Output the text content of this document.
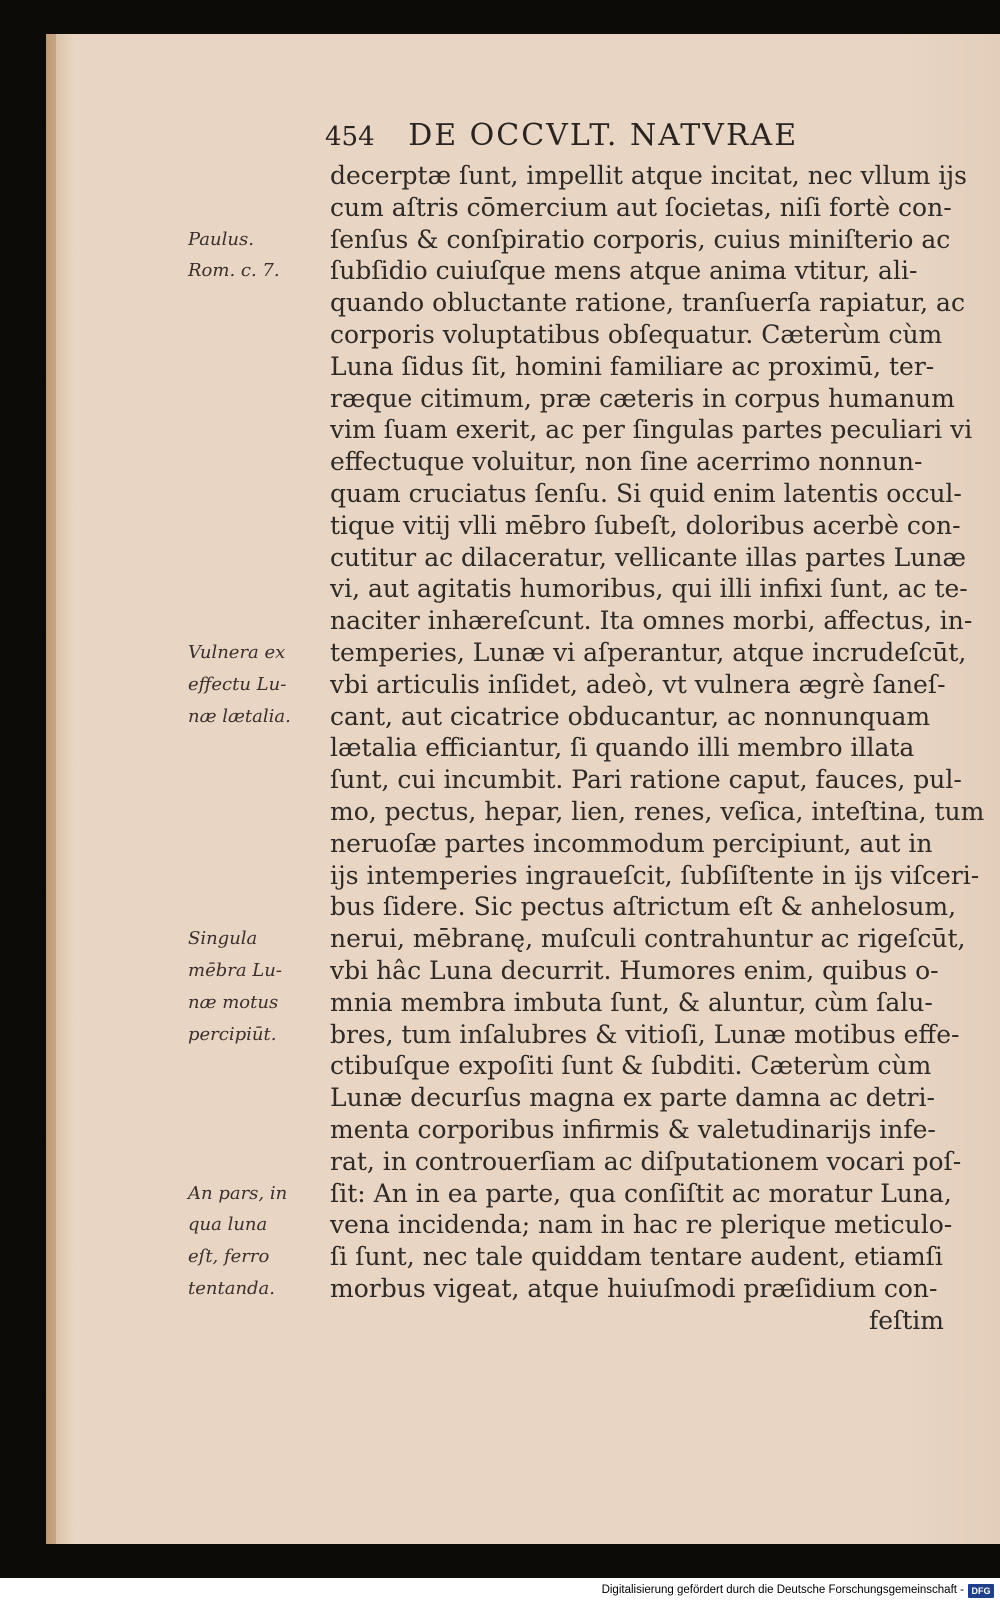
454 DE OCCVLT. NATVRAE
decerptæ ſunt, impellit atque incitat, nec vllum ijs
cum aſtris cōmercium aut ſocietas, niſi fortè con-
ſenſus & conſpiratio corporis, cuius miniſterio ac
ſubſidio cuiuſque mens atque anima vtitur, ali-
quando obluctante ratione, tranſuerſa rapiatur, ac
corporis voluptatibus obſequatur. Cæterùm cùm
Luna ſidus ſit, homini familiare ac proximū, ter-
ræque citimum, præ cæteris in corpus humanum
vim ſuam exerit, ac per ſingulas partes peculiari vi
effectuque voluitur, non ſine acerrimo nonnun-
quam cruciatus ſenſu. Si quid enim latentis occul-
tique vitij vlli mēbro ſubeſt, doloribus acerbè con-
cutitur ac dilaceratur, vellicante illas partes Lunæ
vi, aut agitatis humoribus, qui illi infixi ſunt, ac te-
naciter inhæreſcunt. Ita omnes morbi, affectus, in-
temperies, Lunæ vi aſperantur, atque incrudeſcūt,
vbi articulis inſidet, adeò, vt vulnera ægrè ſaneſ-
cant, aut cicatrice obducantur, ac nonnunquam
lætalia efficiantur, ſi quando illi membro illata
ſunt, cui incumbit. Pari ratione caput, fauces, pul-
mo, pectus, hepar, lien, renes, veſica, inteſtina, tum
neruoſæ partes incommodum percipiunt, aut in
ijs intemperies ingraueſcit, ſubſiſtente in ijs viſceri-
bus ſidere. Sic pectus aſtrictum eſt & anhelosum,
nerui, mēbranę, muſculi contrahuntur ac rigeſcūt,
vbi hâc Luna decurrit. Humores enim, quibus o-
mnia membra imbuta ſunt, & aluntur, cùm ſalu-
bres, tum inſalubres & vitioſi, Lunæ motibus effe-
ctibuſque expoſiti ſunt & ſubditi. Cæterùm cùm
Lunæ decurſus magna ex parte damna ac detri-
menta corporibus infirmis & valetudinarijs infe-
rat, in controuerſiam ac diſputationem vocari poſ-
ſit: An in ea parte, qua conſiſtit ac moratur Luna,
vena incidenda; nam in hac re plerique meticulo-
ſi ſunt, nec tale quiddam tentare audent, etiamſi
morbus vigeat, atque huiuſmodi præſidium con-
feſtim
Paulus.
Rom. c. 7.
Vulnera ex
effectu Lu-
næ lætalia.
Singula
mēbra Lu-
næ motus
percipiūt.
An pars, in
qua luna
eſt, ferro
tentanda.
Digitalisierung gefördert durch die Deutsche Forschungsgemeinschaft - DFG
